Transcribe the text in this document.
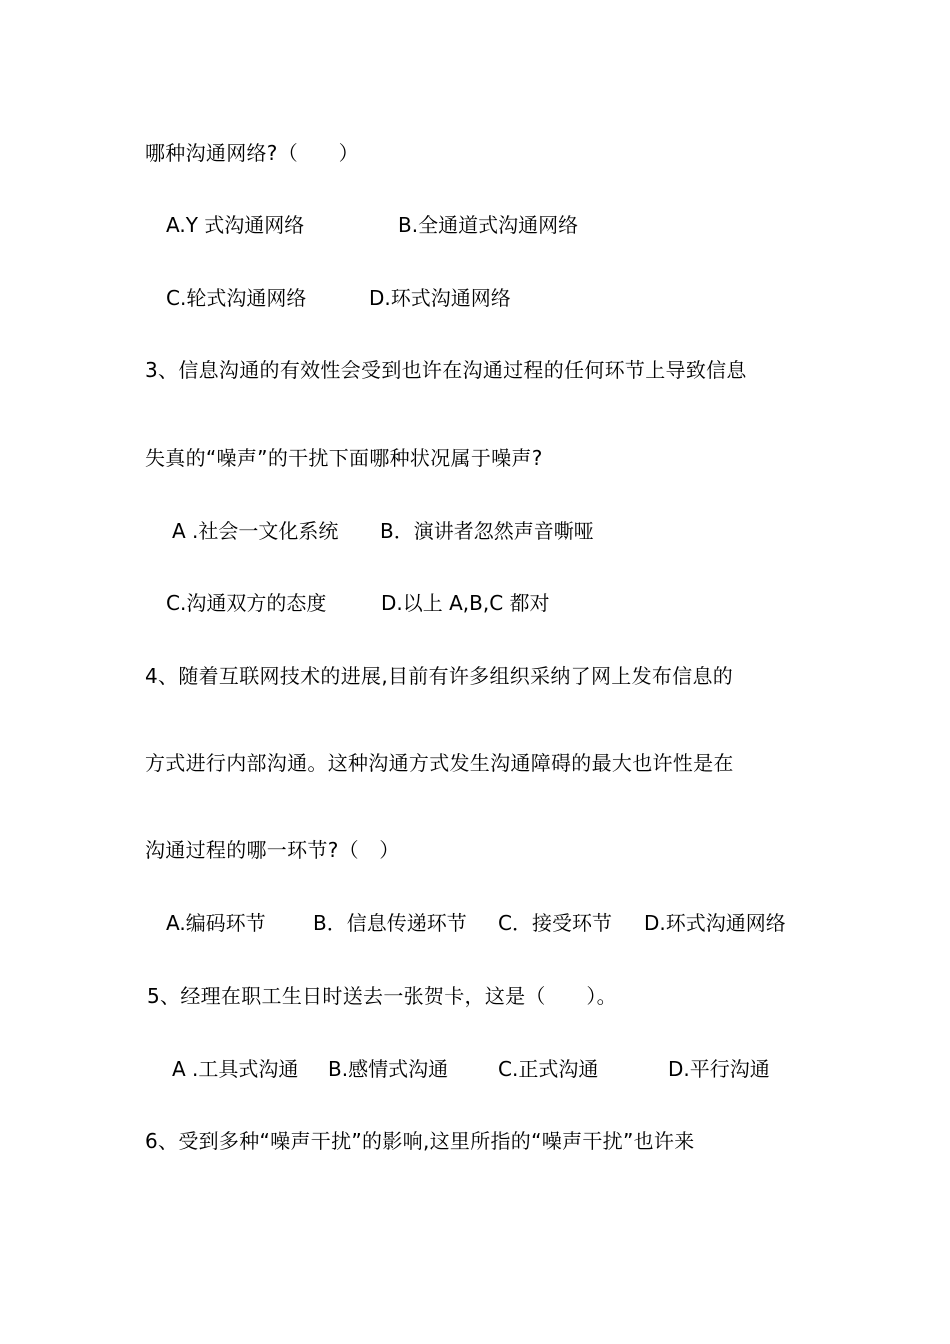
哪种沟通网络?（　　）
A.Y 式沟通网络	B.全通道式沟通网络
C.轮式沟通网络	D.环式沟通网络
3、信息沟通的有效性会受到也许在沟通过程的任何环节上导致信息
失真的“噪声”的干扰下面哪种状况属于噪声?
A .社会一文化系统 B．演讲者忽然声音嘶哑
C.沟通双方的态度	D.以上 A,B,C 都对
4、随着互联网技术的进展,目前有许多组织采纳了网上发布信息的
方式进行内部沟通。这种沟通方式发生沟通障碍的最大也许性是在
沟通过程的哪一环节?（　）
A.编码环节 B．信息传递环节 C．接受环节 D.环式沟通网络
5、经理在职工生日时送去一张贺卡，这是（　　）。
A .工具式沟通 B.感情式沟通 C.正式沟通	D.平行沟通
6、受到多种“噪声干扰”的影响,这里所指的“噪声干扰”也许来
